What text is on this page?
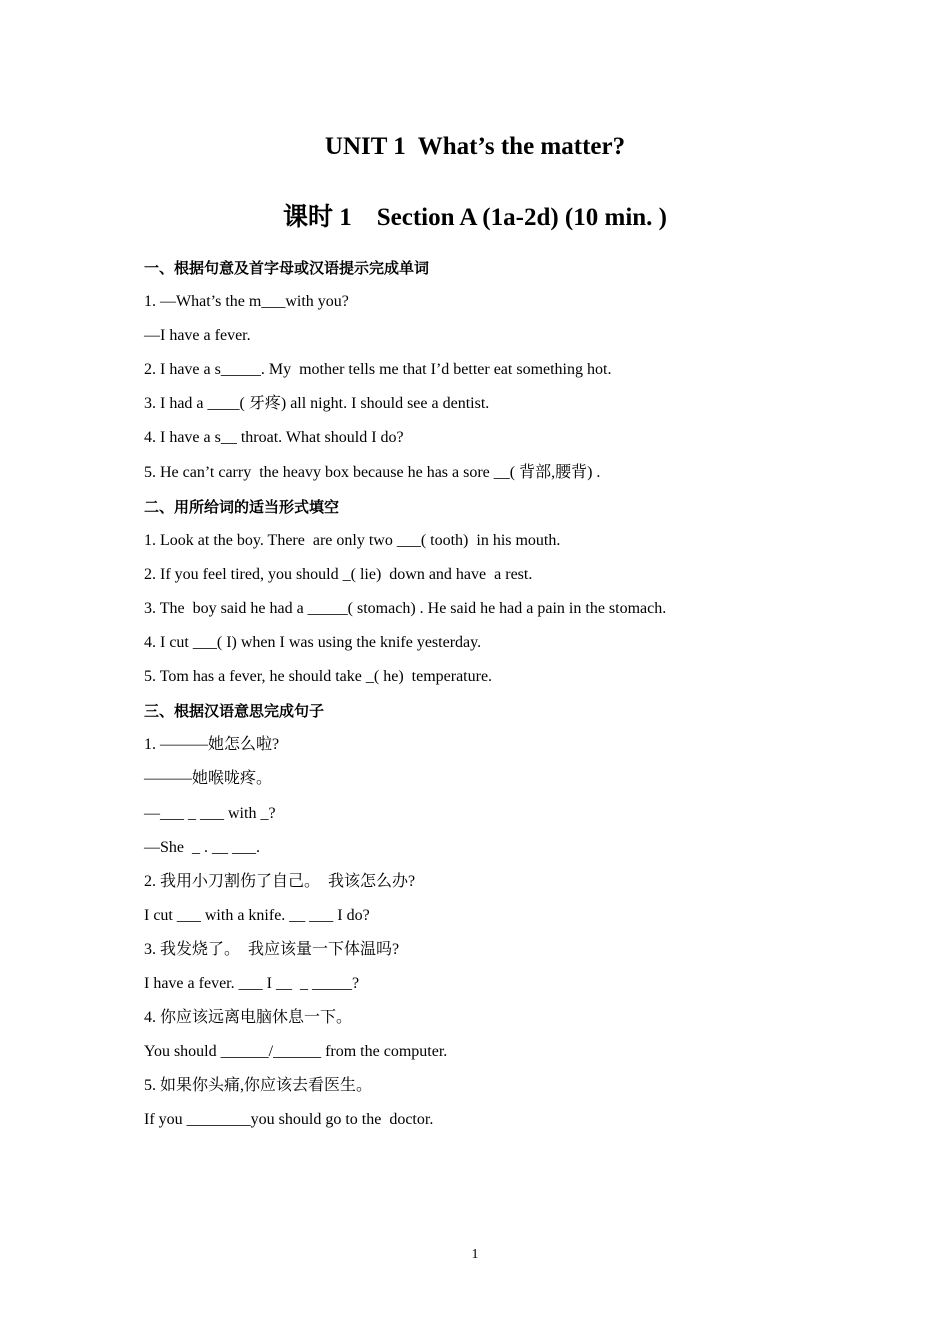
UNIT 1  What’s the matter?
课时 1    Section A (1a-2d) (10 min. )
一、根据句意及首字母或汉语提示完成单词
1. —What’s the m___with you?
—I have a fever.
2. I have a s_____. My  mother tells me that I’d better eat something hot.
3. I had a ____( 牙疼) all night. I should see a dentist.
4. I have a s__ throat. What should I do?
5. He can’t carry  the heavy box because he has a sore __( 背部,腰背) .
二、用所给词的适当形式填空
1. Look at the boy. There  are only two ___( tooth)  in his mouth.
2. If you feel tired, you should _( lie)  down and have  a rest.
3. The  boy said he had a _____( stomach) . He said he had a pain in the stomach.
4. I cut ___( I) when I was using the knife yesterday.
5. Tom has a fever, he should take _( he)  temperature.
三、根据汉语意思完成句子
1. ———她怎么啦?
———她喉咙疼。
—___ _ ___ with _?
—She  _ . __ ___.
2. 我用小刀割伤了自己。  我该怎么办?
I cut ___ with a knife. __ ___ I do?
3. 我发烧了。  我应该量一下体温吗?
I have a fever. ___ I __  _ _____?
4. 你应该远离电脑休息一下。
You should ______/______ from the computer.
5. 如果你头痛,你应该去看医生。
If you ________you should go to the  doctor.
1
